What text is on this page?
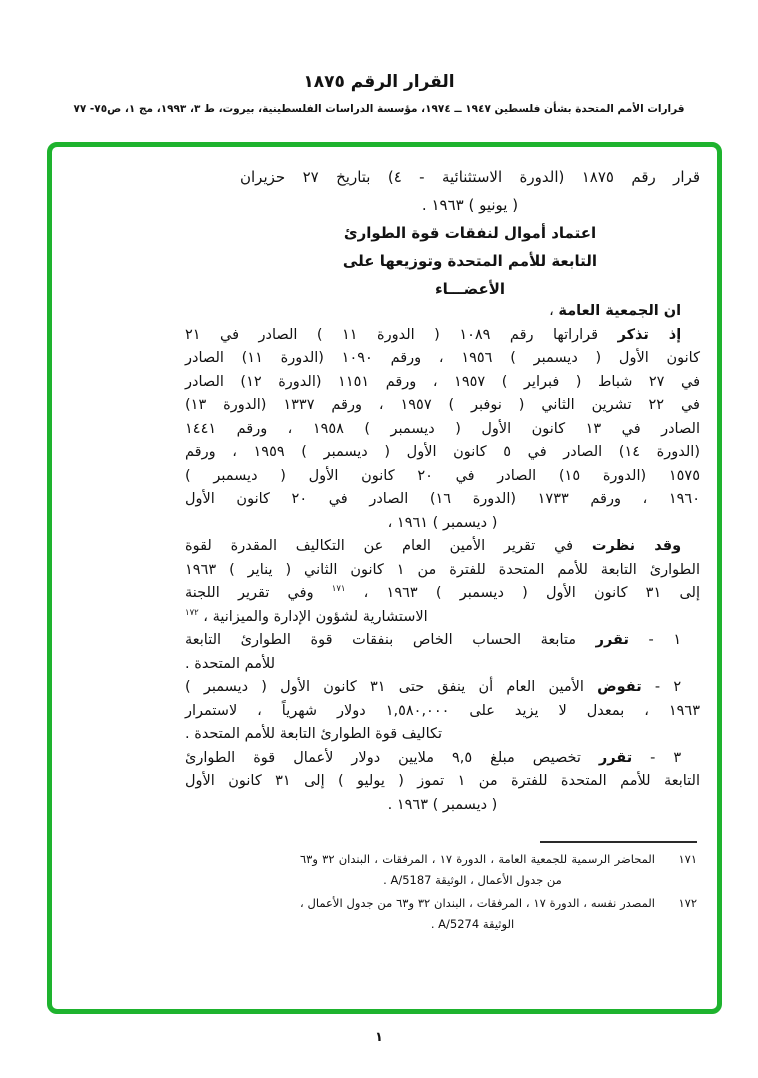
القرار الرقم ١٨٧٥
قرارات الأمم المتحدة بشأن فلسطين ١٩٤٧ ــ ١٩٧٤، مؤسسة الدراسات الفلسطينية، بيروت، ط ٣، ١٩٩٣، مج ١، ص٧٥- ٧٧
قرار رقم ١٨٧٥ (الدورة الاستثنائية - ٤) بتاريخ ٢٧ حزيران
( يونيو ) ١٩٦٣ .
اعتماد أموال لنفقات قوة الطوارئ
التابعة للأمم المتحدة وتوزيعها على
الأعضـــاء
ان الجمعية العامة ،
إذ تذكر قراراتها رقم ١٠٨٩ ( الدورة ١١ ) الصادر في ٢١
كانون الأول ( ديسمبر ) ١٩٥٦ ، ورقم ١٠٩٠ (الدورة ١١) الصادر
في ٢٧ شباط ( فبراير ) ١٩٥٧ ، ورقم ١١٥١ (الدورة ١٢) الصادر
في ٢٢ تشرين الثاني ( نوفبر ) ١٩٥٧ ، ورقم ١٣٣٧ (الدورة ١٣)
الصادر في ١٣ كانون الأول ( ديسمبر ) ١٩٥٨ ، ورقم ١٤٤١
(الدورة ١٤) الصادر في ٥ كانون الأول ( ديسمبر ) ١٩٥٩ ، ورقم
١٥٧٥ (الدورة ١٥) الصادر في ٢٠ كانون الأول ( ديسمبر )
١٩٦٠ ، ورقم ١٧٣٣ (الدورة ١٦) الصادر في ٢٠ كانون الأول
( ديسمبر ) ١٩٦١ ،
وقد نظرت في تقرير الأمين العام عن التكاليف المقدرة لقوة
الطوارئ التابعة للأمم المتحدة للفترة من ١ كانون الثاني ( يناير ) ١٩٦٣
إلى ٣١ كانون الأول ( ديسمبر ) ١٩٦٣ ، $^{١٧١}$ وفي تقرير اللجنة
الاستشارية لشؤون الإدارة والميزانية ، $^{١٧٢}$
١ - تقرر متابعة الحساب الخاص بنفقات قوة الطوارئ التابعة
للأمم المتحدة .
٢ - تفوض الأمين العام أن ينفق حتى ٣١ كانون الأول ( ديسمبر )
١٩٦٣ ، بمعدل لا يزيد على ١,٥٨٠,٠٠٠ دولار شهرياً ، لاستمرار
تكاليف قوة الطوارئ التابعة للأمم المتحدة .
٣ - تقرر تخصيص مبلغ ٩,٥ ملايين دولار لأعمال قوة الطوارئ
التابعة للأمم المتحدة للفترة من ١ تموز ( يوليو ) إلى ٣١ كانون الأول
( ديسمبر ) ١٩٦٣ .
١٧١
المحاضر الرسمية للجمعية العامة ، الدورة ١٧ ، المرفقات ، البندان ٣٢ و٦٣
من جدول الأعمال ، الوثيقة A/5187 .
١٧٢
المصدر نفسه ، الدورة ١٧ ، المرفقات ، البندان ٣٢ و٦٣ من جدول الأعمال ،
الوثيقة A/5274 .
١
